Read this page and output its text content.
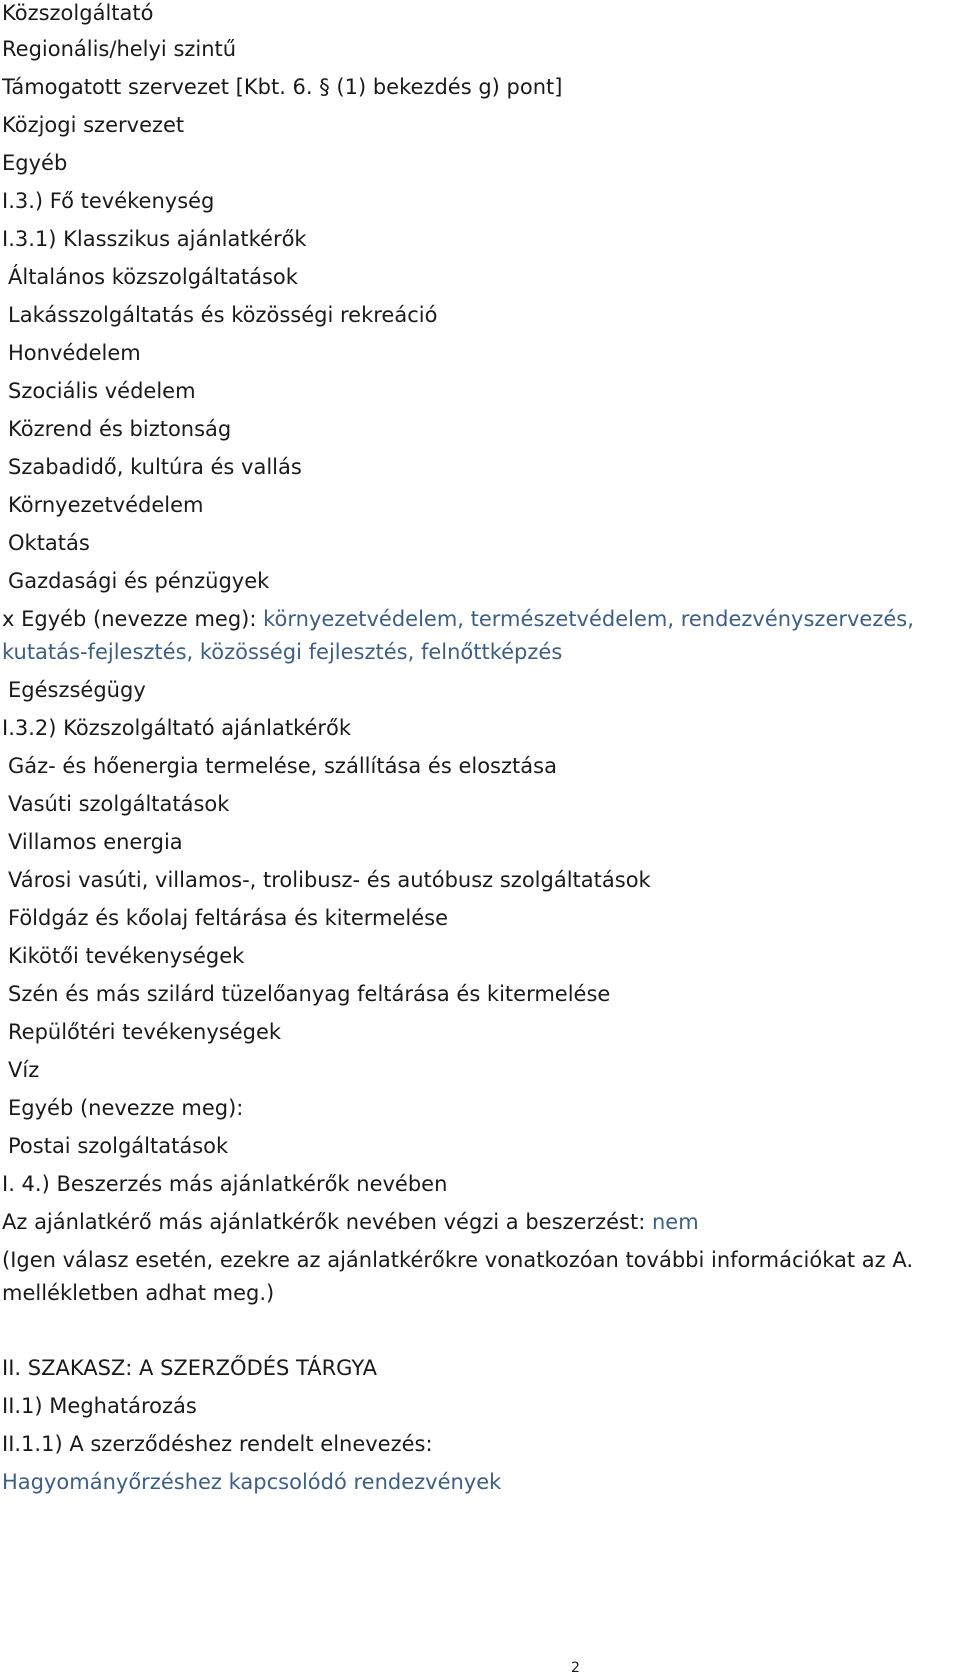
Közszolgáltató
Regionális/helyi szintű
Támogatott szervezet [Kbt. 6. § (1) bekezdés g) pont]
Közjogi szervezet
Egyéb
I.3.) Fő tevékenység
I.3.1) Klasszikus ajánlatkérők
Általános közszolgáltatások
Lakásszolgáltatás és közösségi rekreáció
Honvédelem
Szociális védelem
Közrend és biztonság
Szabadidő, kultúra és vallás
Környezetvédelem
Oktatás
Gazdasági és pénzügyek
x Egyéb (nevezze meg): környezetvédelem, természetvédelem, rendezvényszervezés,
kutatás-fejlesztés, közösségi fejlesztés, felnőttképzés
Egészségügy
I.3.2) Közszolgáltató ajánlatkérők
Gáz- és hőenergia termelése, szállítása és elosztása
Vasúti szolgáltatások
Villamos energia
Városi vasúti, villamos-, trolibusz- és autóbusz szolgáltatások
Földgáz és kőolaj feltárása és kitermelése
Kikötői tevékenységek
Szén és más szilárd tüzelőanyag feltárása és kitermelése
Repülőtéri tevékenységek
Víz
Egyéb (nevezze meg):
Postai szolgáltatások
I. 4.) Beszerzés más ajánlatkérők nevében
Az ajánlatkérő más ajánlatkérők nevében végzi a beszerzést: nem
(Igen válasz esetén, ezekre az ajánlatkérőkre vonatkozóan további információkat az A.
mellékletben adhat meg.)
II. SZAKASZ: A SZERZŐDÉS TÁRGYA
II.1) Meghatározás
II.1.1) A szerződéshez rendelt elnevezés:
Hagyományőrzéshez kapcsolódó rendezvények
2
